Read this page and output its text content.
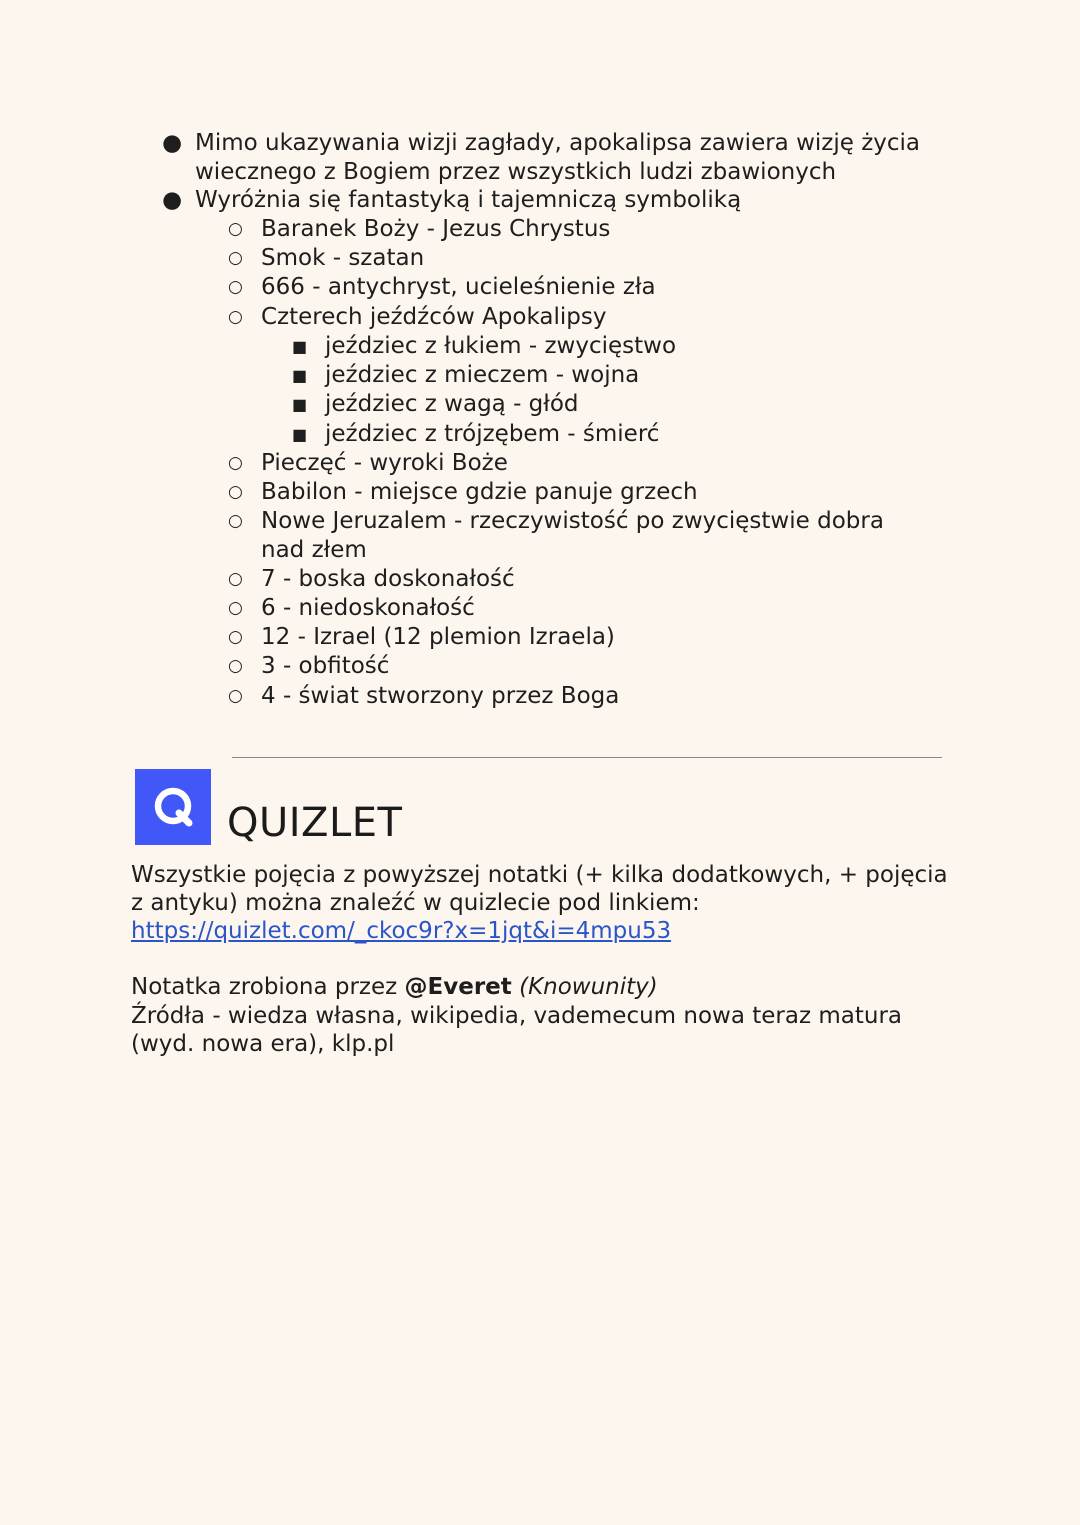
● Mimo ukazywania wizji zagłady, apokalipsa zawiera wizję życia wiecznego z Bogiem przez wszystkich ludzi zbawionych
● Wyróżnia się fantastyką i tajemniczą symboliką
○ Baranek Boży - Jezus Chrystus
○ Smok - szatan
○ 666 - antychryst, ucieleśnienie zła
○ Czterech jeźdźców Apokalipsy
■ jeździec z łukiem - zwycięstwo
■ jeździec z mieczem - wojna
■ jeździec z wagą - głód
■ jeździec z trójzębem - śmierć
○ Pieczęć - wyroki Boże
○ Babilon - miejsce gdzie panuje grzech
○ Nowe Jeruzalem - rzeczywistość po zwycięstwie dobra nad złem
○ 7 - boska doskonałość
○ 6 - niedoskonałość
○ 12 - Izrael (12 plemion Izraela)
○ 3 - obfitość
○ 4 - świat stworzony przez Boga
QUIZLET
Wszystkie pojęcia z powyższej notatki (+ kilka dodatkowych, + pojęcia z antyku) można znaleźć w quizlecie pod linkiem:
https://quizlet.com/_ckoc9r?x=1jqt&i=4mpu53
Notatka zrobiona przez @Everet (Knowunity)
Źródła - wiedza własna, wikipedia, vademecum nowa teraz matura (wyd. nowa era), klp.pl
